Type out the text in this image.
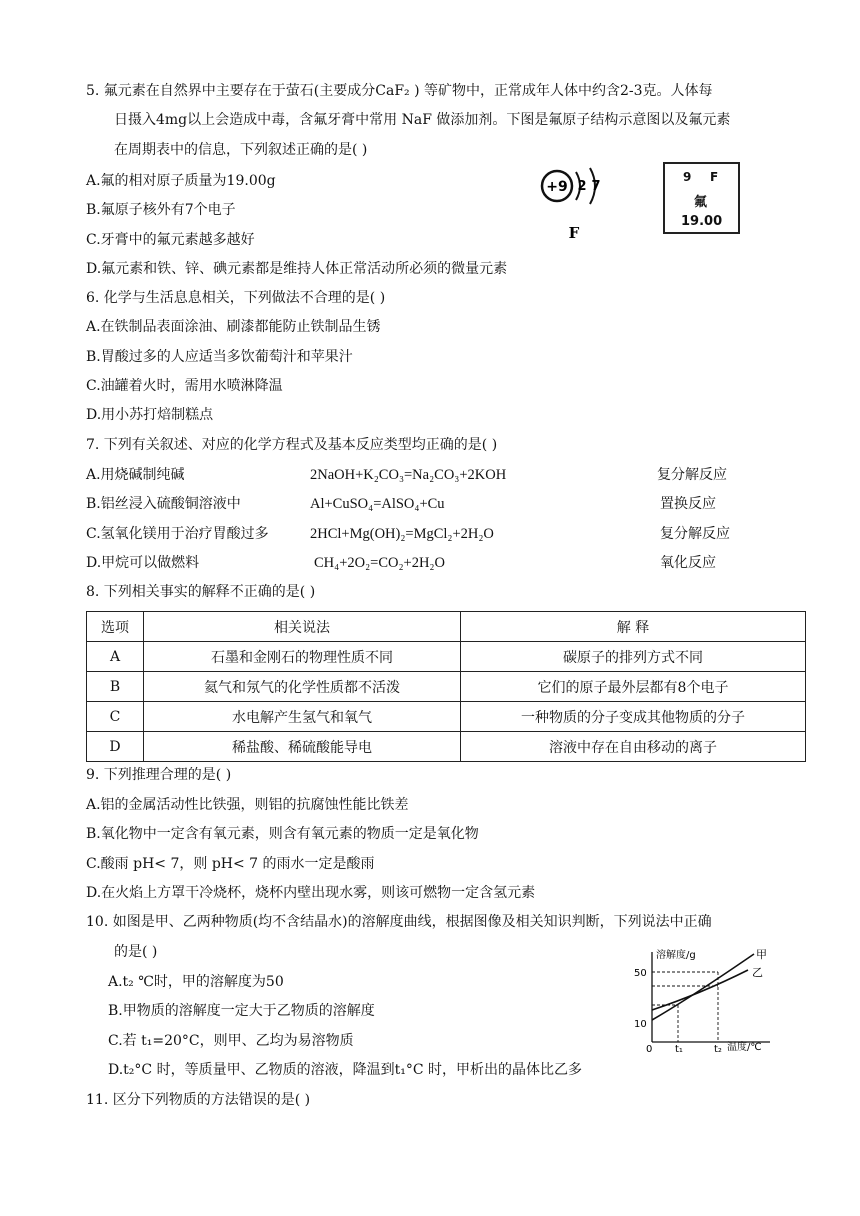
5. 氟元素在自然界中主要存在于萤石(主要成分CaF₂ ) 等矿物中，正常成年人体中约含2-3克。人体每
日摄入4mg以上会造成中毒，含氟牙膏中常用 NaF 做添加剂。下图是氟原子结构示意图以及氟元素
在周期表中的信息，下列叙述正确的是( )
A.氟的相对原子质量为19.00g
B.氟原子核外有7个电子
C.牙膏中的氟元素越多越好
D.氟元素和铁、锌、碘元素都是维持人体正常活动所必须的微量元素
+9 2 7
F
9 F
氟
19.00
6. 化学与生活息息相关，下列做法不合理的是( )
A.在铁制品表面涂油、刷漆都能防止铁制品生锈
B.胃酸过多的人应适当多饮葡萄汁和苹果汁
C.油罐着火时，需用水喷淋降温
D.用小苏打焙制糕点
7. 下列有关叙述、对应的化学方程式及基本反应类型均正确的是( )
A.用烧碱制纯碱	2NaOH+K₂CO₃=Na₂CO₃+2KOH	复分解反应
B.铝丝浸入硫酸铜溶液中	Al+CuSO₄=AlSO₄+Cu	置换反应
C.氢氧化镁用于治疗胃酸过多	2HCl+Mg(OH)₂=MgCl₂+2H₂O	复分解反应
D.甲烷可以做燃料	CH₄+2O₂=CO₂+2H₂O	氧化反应
8. 下列相关事实的解释不正确的是( )
选项	相关说法	解 释
A	石墨和金刚石的物理性质不同	碳原子的排列方式不同
B	氦气和氖气的化学性质都不活泼	它们的原子最外层都有8个电子
C	水电解产生氢气和氧气	一种物质的分子变成其他物质的分子
D	稀盐酸、稀硫酸能导电	溶液中存在自由移动的离子
9. 下列推理合理的是( )
A.铝的金属活动性比铁强，则铝的抗腐蚀性能比铁差
B.氧化物中一定含有氧元素，则含有氧元素的物质一定是氧化物
C.酸雨 pH< 7，则 pH< 7 的雨水一定是酸雨
D.在火焰上方罩干冷烧杯，烧杯内壁出现水雾，则该可燃物一定含氢元素
10. 如图是甲、乙两种物质(均不含结晶水)的溶解度曲线，根据图像及相关知识判断，下列说法中正确
的是( )
A.t₂ ℃时，甲的溶解度为50
B.甲物质的溶解度一定大于乙物质的溶解度
C.若 t₁=20°C，则甲、乙均为易溶物质
D.t₂°C 时，等质量甲、乙物质的溶液，降温到t₁°C 时，甲析出的晶体比乙多
溶解度/g
50
10
0 t₁	t₂ 温度/℃
甲
乙
11. 区分下列物质的方法错误的是( )
